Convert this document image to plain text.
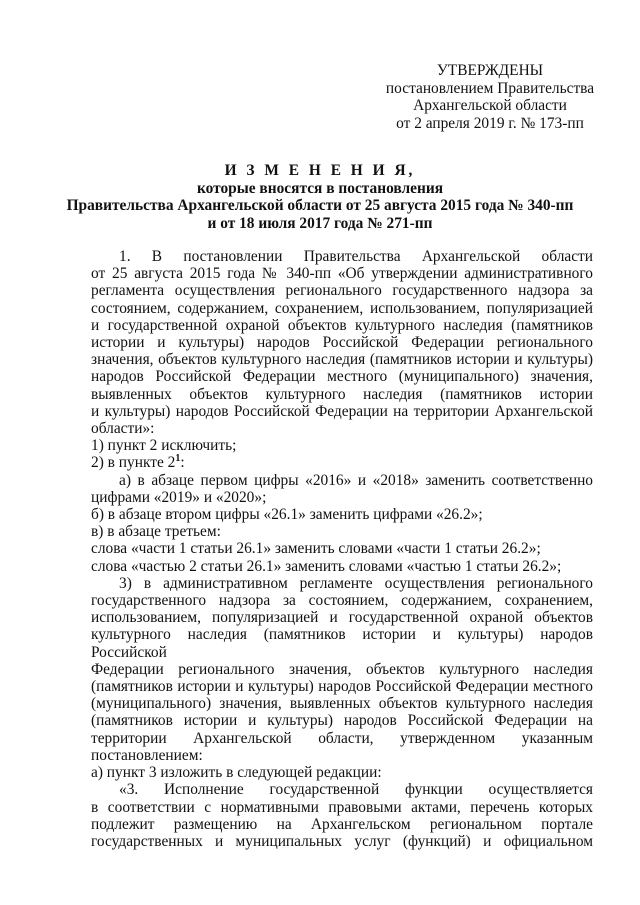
УТВЕРЖДЕНЫ
постановлением Правительства
Архангельской области
от 2 апреля 2019 г. № 173-пп
И З М Е Н Е Н И Я,
которые вносятся в постановления
Правительства Архангельской области от 25 августа 2015 года № 340-пп
и от 18 июля 2017 года № 271-пп

1. В постановлении Правительства Архангельской области

от 25 августа 2015 года № 340-пп «Об утверждении административного

регламента осуществления регионального государственного надзора за

состоянием, содержанием, сохранением, использованием, популяризацией

и государственной охраной объектов культурного наследия (памятников

истории и культуры) народов Российской Федерации регионального

значения, объектов культурного наследия (памятников истории и культуры)

народов Российской Федерации местного (муниципального) значения,

выявленных объектов культурного наследия (памятников истории

и культуры) народов Российской Федерации на территории Архангельской

области»:

1) пункт 2 исключить;

2) в пункте $2^1$:

а) в абзаце первом цифры «2016» и «2018» заменить соответственно

цифрами «2019» и «2020»;

б) в абзаце втором цифры «26.1» заменить цифрами «26.2»;

в) в абзаце третьем:

слова «части 1 статьи 26.1» заменить словами «части 1 статьи 26.2»;

слова «частью 2 статьи 26.1» заменить словами «частью 1 статьи 26.2»;

3) в административном регламенте осуществления регионального

государственного надзора за состоянием, содержанием, сохранением,

использованием, популяризацией и государственной охраной объектов

культурного наследия (памятников истории и культуры) народов Российской

Федерации регионального значения, объектов культурного наследия

(памятников истории и культуры) народов Российской Федерации местного

(муниципального) значения, выявленных объектов культурного наследия

(памятников истории и культуры) народов Российской Федерации на

территории Архангельской области, утвержденном указанным

постановлением:

а) пункт 3 изложить в следующей редакции:

«3. Исполнение государственной функции осуществляется

в соответствии с нормативными правовыми актами, перечень которых

подлежит размещению на Архангельском региональном портале

государственных и муниципальных услуг (функций) и официальном
